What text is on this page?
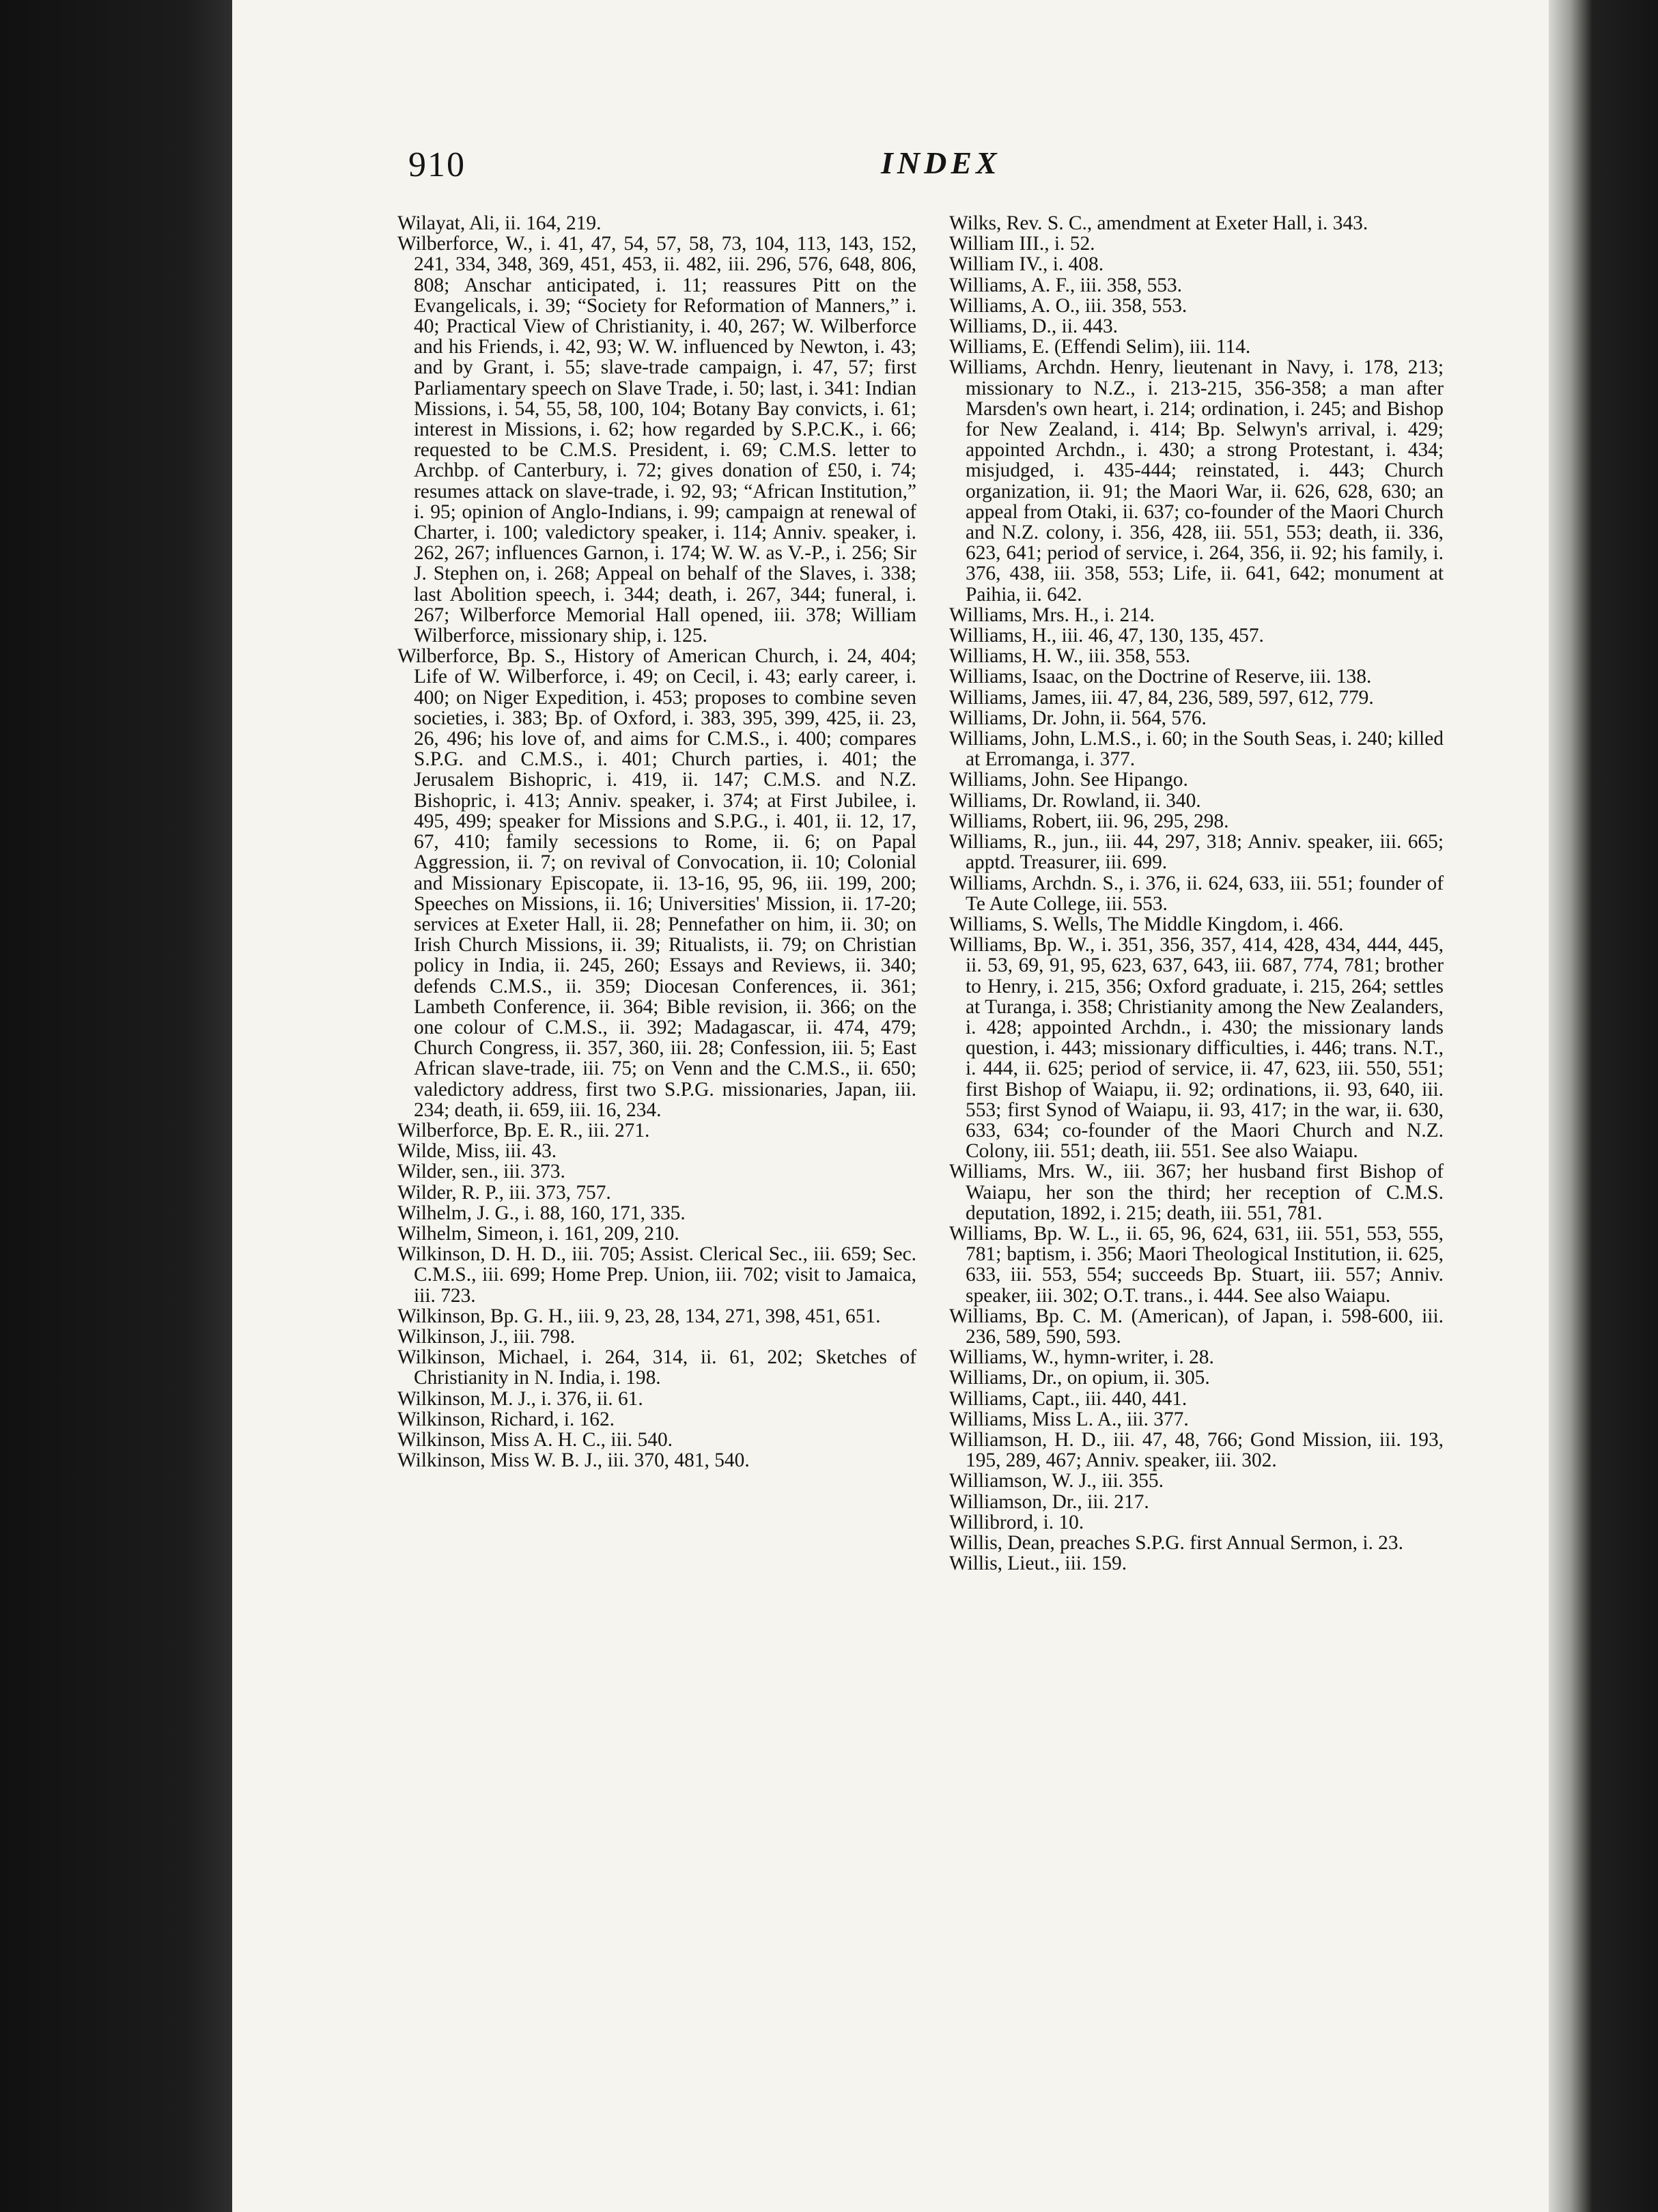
910	INDEX
Wilayat, Ali, ii. 164, 219.
Wilberforce, W., i. 41, 47, 54, 57, 58, 73, 104, 113, 143, 152, 241, 334, 348, 369, 451, 453, ii. 482, iii. 296, 576, 648, 806, 808; Anschar anticipated, i. 11; reassures Pitt on the Evangelicals, i. 39; “Society for Reformation of Manners,” i. 40; Practical View of Christianity, i. 40, 267; W. Wilberforce and his Friends, i. 42, 93; W. W. influenced by Newton, i. 43; and by Grant, i. 55; slave-trade campaign, i. 47, 57; first Parliamentary speech on Slave Trade, i. 50; last, i. 341: Indian Missions, i. 54, 55, 58, 100, 104; Botany Bay convicts, i. 61; interest in Missions, i. 62; how regarded by S.P.C.K., i. 66; requested to be C.M.S. President, i. 69; C.M.S. letter to Archbp. of Canterbury, i. 72; gives donation of £50, i. 74; resumes attack on slave-trade, i. 92, 93; “African Institution,” i. 95; opinion of Anglo-Indians, i. 99; campaign at renewal of Charter, i. 100; valedictory speaker, i. 114; Anniv. speaker, i. 262, 267; influences Garnon, i. 174; W. W. as V.-P., i. 256; Sir J. Stephen on, i. 268; Appeal on behalf of the Slaves, i. 338; last Abolition speech, i. 344; death, i. 267, 344; funeral, i. 267; Wilberforce Memorial Hall opened, iii. 378; William Wilberforce, missionary ship, i. 125.
Wilberforce, Bp. S., History of American Church, i. 24, 404; Life of W. Wilberforce, i. 49; on Cecil, i. 43; early career, i. 400; on Niger Expedition, i. 453; proposes to combine seven societies, i. 383; Bp. of Oxford, i. 383, 395, 399, 425, ii. 23, 26, 496; his love of, and aims for C.M.S., i. 400; compares S.P.G. and C.M.S., i. 401; Church parties, i. 401; the Jerusalem Bishopric, i. 419, ii. 147; C.M.S. and N.Z. Bishopric, i. 413; Anniv. speaker, i. 374; at First Jubilee, i. 495, 499; speaker for Missions and S.P.G., i. 401, ii. 12, 17, 67, 410; family secessions to Rome, ii. 6; on Papal Aggression, ii. 7; on revival of Convocation, ii. 10; Colonial and Missionary Episcopate, ii. 13-16, 95, 96, iii. 199, 200; Speeches on Missions, ii. 16; Universities' Mission, ii. 17-20; services at Exeter Hall, ii. 28; Pennefather on him, ii. 30; on Irish Church Missions, ii. 39; Ritualists, ii. 79; on Christian policy in India, ii. 245, 260; Essays and Reviews, ii. 340; defends C.M.S., ii. 359; Diocesan Conferences, ii. 361; Lambeth Conference, ii. 364; Bible revision, ii. 366; on the one colour of C.M.S., ii. 392; Madagascar, ii. 474, 479; Church Congress, ii. 357, 360, iii. 28; Confession, iii. 5; East African slave-trade, iii. 75; on Venn and the C.M.S., ii. 650; valedictory address, first two S.P.G. missionaries, Japan, iii. 234; death, ii. 659, iii. 16, 234.
Wilberforce, Bp. E. R., iii. 271.
Wilde, Miss, iii. 43.
Wilder, sen., iii. 373.
Wilder, R. P., iii. 373, 757.
Wilhelm, J. G., i. 88, 160, 171, 335.
Wilhelm, Simeon, i. 161, 209, 210.
Wilkinson, D. H. D., iii. 705; Assist. Clerical Sec., iii. 659; Sec. C.M.S., iii. 699; Home Prep. Union, iii. 702; visit to Jamaica, iii. 723.
Wilkinson, Bp. G. H., iii. 9, 23, 28, 134, 271, 398, 451, 651.
Wilkinson, J., iii. 798.
Wilkinson, Michael, i. 264, 314, ii. 61, 202; Sketches of Christianity in N. India, i. 198.
Wilkinson, M. J., i. 376, ii. 61.
Wilkinson, Richard, i. 162.
Wilkinson, Miss A. H. C., iii. 540.
Wilkinson, Miss W. B. J., iii. 370, 481, 540.
Wilks, Rev. S. C., amendment at Exeter Hall, i. 343.
William III., i. 52.
William IV., i. 408.
Williams, A. F., iii. 358, 553.
Williams, A. O., iii. 358, 553.
Williams, D., ii. 443.
Williams, E. (Effendi Selim), iii. 114.
Williams, Archdn. Henry, lieutenant in Navy, i. 178, 213; missionary to N.Z., i. 213-215, 356-358; a man after Marsden's own heart, i. 214; ordination, i. 245; and Bishop for New Zealand, i. 414; Bp. Selwyn's arrival, i. 429; appointed Archdn., i. 430; a strong Protestant, i. 434; misjudged, i. 435-444; reinstated, i. 443; Church organization, ii. 91; the Maori War, ii. 626, 628, 630; an appeal from Otaki, ii. 637; co-founder of the Maori Church and N.Z. colony, i. 356, 428, iii. 551, 553; death, ii. 336, 623, 641; period of service, i. 264, 356, ii. 92; his family, i. 376, 438, iii. 358, 553; Life, ii. 641, 642; monument at Paihia, ii. 642.
Williams, Mrs. H., i. 214.
Williams, H., iii. 46, 47, 130, 135, 457.
Williams, H. W., iii. 358, 553.
Williams, Isaac, on the Doctrine of Reserve, iii. 138.
Williams, James, iii. 47, 84, 236, 589, 597, 612, 779.
Williams, Dr. John, ii. 564, 576.
Williams, John, L.M.S., i. 60; in the South Seas, i. 240; killed at Erromanga, i. 377.
Williams, John. See Hipango.
Williams, Dr. Rowland, ii. 340.
Williams, Robert, iii. 96, 295, 298.
Williams, R., jun., iii. 44, 297, 318; Anniv. speaker, iii. 665; apptd. Treasurer, iii. 699.
Williams, Archdn. S., i. 376, ii. 624, 633, iii. 551; founder of Te Aute College, iii. 553.
Williams, S. Wells, The Middle Kingdom, i. 466.
Williams, Bp. W., i. 351, 356, 357, 414, 428, 434, 444, 445, ii. 53, 69, 91, 95, 623, 637, 643, iii. 687, 774, 781; brother to Henry, i. 215, 356; Oxford graduate, i. 215, 264; settles at Turanga, i. 358; Christianity among the New Zealanders, i. 428; appointed Archdn., i. 430; the missionary lands question, i. 443; missionary difficulties, i. 446; trans. N.T., i. 444, ii. 625; period of service, ii. 47, 623, iii. 550, 551; first Bishop of Waiapu, ii. 92; ordinations, ii. 93, 640, iii. 553; first Synod of Waiapu, ii. 93, 417; in the war, ii. 630, 633, 634; co-founder of the Maori Church and N.Z. Colony, iii. 551; death, iii. 551. See also Waiapu.
Williams, Mrs. W., iii. 367; her husband first Bishop of Waiapu, her son the third; her reception of C.M.S. deputation, 1892, i. 215; death, iii. 551, 781.
Williams, Bp. W. L., ii. 65, 96, 624, 631, iii. 551, 553, 555, 781; baptism, i. 356; Maori Theological Institution, ii. 625, 633, iii. 553, 554; succeeds Bp. Stuart, iii. 557; Anniv. speaker, iii. 302; O.T. trans., i. 444. See also Waiapu.
Williams, Bp. C. M. (American), of Japan, i. 598-600, iii. 236, 589, 590, 593.
Williams, W., hymn-writer, i. 28.
Williams, Dr., on opium, ii. 305.
Williams, Capt., iii. 440, 441.
Williams, Miss L. A., iii. 377.
Williamson, H. D., iii. 47, 48, 766; Gond Mission, iii. 193, 195, 289, 467; Anniv. speaker, iii. 302.
Williamson, W. J., iii. 355.
Williamson, Dr., iii. 217.
Willibrord, i. 10.
Willis, Dean, preaches S.P.G. first Annual Sermon, i. 23.
Willis, Lieut., iii. 159.
